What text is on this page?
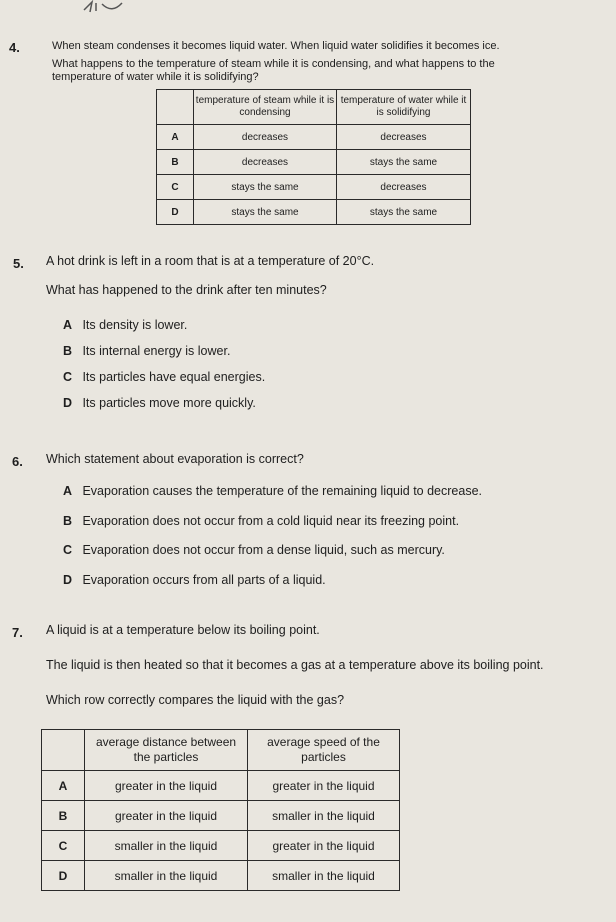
4.	When steam condenses it becomes liquid water. When liquid water solidifies it becomes ice.
What happens to the temperature of steam while it is condensing, and what happens to the
temperature of water while it is solidifying?
	temperature of steam while it is condensing	temperature of water while it is solidifying
A	decreases	decreases
B	decreases	stays the same
C	stays the same	decreases
D	stays the same	stays the same
5. A hot drink is left in a room that is at a temperature of 20°C.
What has happened to the drink after ten minutes?
A Its density is lower.
B Its internal energy is lower.
C Its particles have equal energies.
D Its particles move more quickly.
6. Which statement about evaporation is correct?
A Evaporation causes the temperature of the remaining liquid to decrease.
B Evaporation does not occur from a cold liquid near its freezing point.
C Evaporation does not occur from a dense liquid, such as mercury.
D Evaporation occurs from all parts of a liquid.
7. A liquid is at a temperature below its boiling point.
The liquid is then heated so that it becomes a gas at a temperature above its boiling point.
Which row correctly compares the liquid with the gas?
	average distance between the particles	average speed of the particles
A	greater in the liquid	greater in the liquid
B	greater in the liquid	smaller in the liquid
C	smaller in the liquid	greater in the liquid
D	smaller in the liquid	smaller in the liquid
